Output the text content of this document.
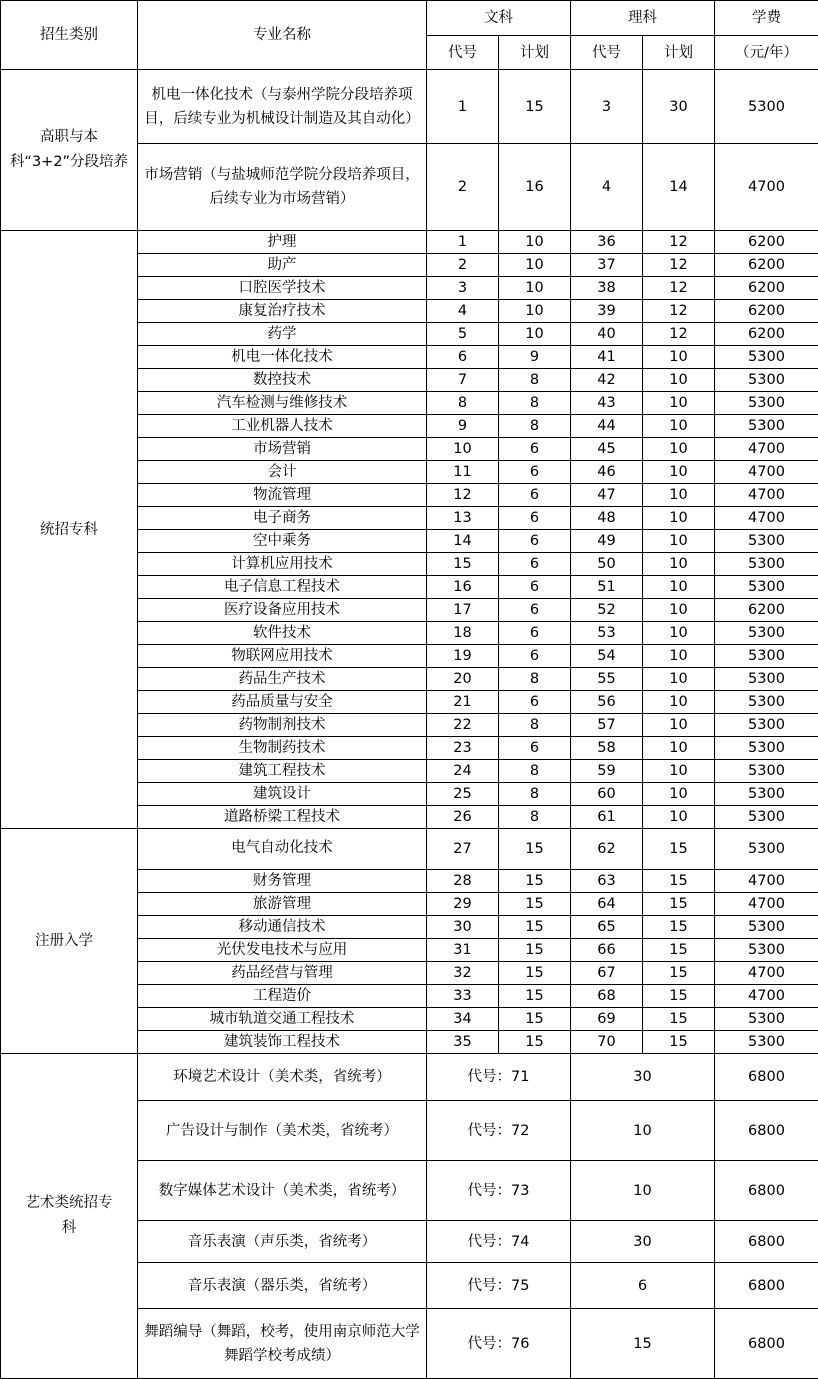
招生类别	专业名称	文科		理科		学费
		代号	计划	代号	计划	（元/年）
高职与本科“3+2”分段培养	机电一体化技术（与泰州学院分段培养项目，后续专业为机械设计制造及其自动化）	1	15	3	30	5300
	市场营销（与盐城师范学院分段培养项目，后续专业为市场营销）	2	16	4	14	4700
统招专科	护理	1	10	36	12	6200
	助产	2	10	37	12	6200
	口腔医学技术	3	10	38	12	6200
	康复治疗技术	4	10	39	12	6200
	药学	5	10	40	12	6200
	机电一体化技术	6	9	41	10	5300
	数控技术	7	8	42	10	5300
	汽车检测与维修技术	8	8	43	10	5300
	工业机器人技术	9	8	44	10	5300
	市场营销	10	6	45	10	4700
	会计	11	6	46	10	4700
	物流管理	12	6	47	10	4700
	电子商务	13	6	48	10	4700
	空中乘务	14	6	49	10	5300
	计算机应用技术	15	6	50	10	5300
	电子信息工程技术	16	6	51	10	5300
	医疗设备应用技术	17	6	52	10	6200
	软件技术	18	6	53	10	5300
	物联网应用技术	19	6	54	10	5300
	药品生产技术	20	8	55	10	5300
	药品质量与安全	21	6	56	10	5300
	药物制剂技术	22	8	57	10	5300
	生物制药技术	23	6	58	10	5300
	建筑工程技术	24	8	59	10	5300
	建筑设计	25	8	60	10	5300
	道路桥梁工程技术	26	8	61	10	5300
注册入学	电气自动化技术	27	15	62	15	5300
	财务管理	28	15	63	15	4700
	旅游管理	29	15	64	15	4700
	移动通信技术	30	15	65	15	5300
	光伏发电技术与应用	31	15	66	15	5300
	药品经营与管理	32	15	67	15	4700
	工程造价	33	15	68	15	4700
	城市轨道交通工程技术	34	15	69	15	5300
	建筑装饰工程技术	35	15	70	15	5300
艺术类统招专科	环境艺术设计（美术类，省统考）	代号：71		30		6800
	广告设计与制作（美术类，省统考）	代号：72		10		6800
	数字媒体艺术设计（美术类，省统考）	代号：73		10		6800
	音乐表演（声乐类，省统考）	代号：74		30		6800
	音乐表演（器乐类，省统考）	代号：75		6		6800
	舞蹈编导（舞蹈，校考，使用南京师范大学舞蹈学校考成绩）	代号：76		15		6800
